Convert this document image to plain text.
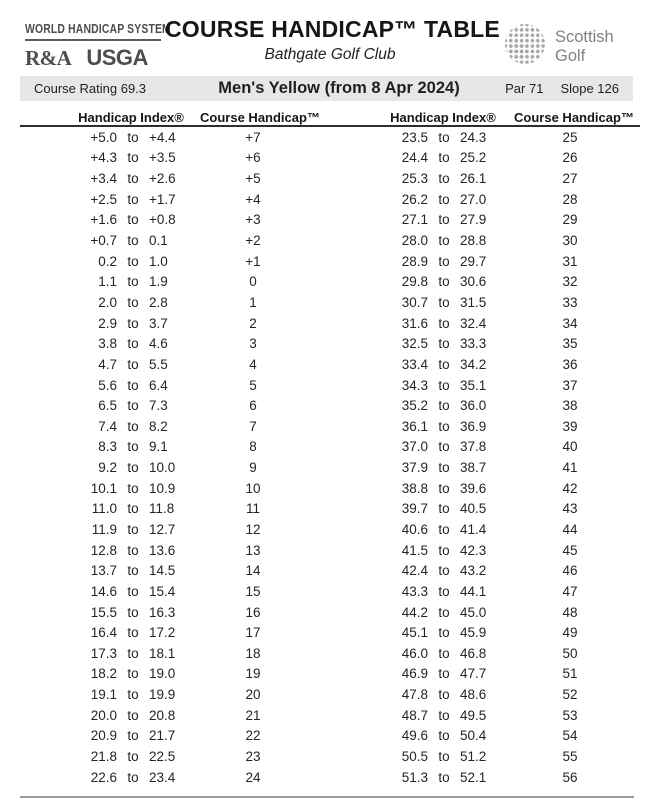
WORLD HANDICAP SYSTEM
R&A USGA
COURSE HANDICAP™ TABLE
Bathgate Golf Club
Scottish
Golf
Course Rating 69.3	Men's Yellow (from 8 Apr 2024)	Par 71 Slope 126
Handicap Index®	Course Handicap™	Handicap Index®	Course Handicap™
+5.0 to +4.4	+7	23.5 to 24.3	25
+4.3 to +3.5	+6	24.4 to 25.2	26
+3.4 to +2.6	+5	25.3 to 26.1	27
+2.5 to +1.7	+4	26.2 to 27.0	28
+1.6 to +0.8	+3	27.1 to 27.9	29
+0.7 to 0.1	+2	28.0 to 28.8	30
0.2 to 1.0	+1	28.9 to 29.7	31
1.1 to 1.9	0	29.8 to 30.6	32
2.0 to 2.8	1	30.7 to 31.5	33
2.9 to 3.7	2	31.6 to 32.4	34
3.8 to 4.6	3	32.5 to 33.3	35
4.7 to 5.5	4	33.4 to 34.2	36
5.6 to 6.4	5	34.3 to 35.1	37
6.5 to 7.3	6	35.2 to 36.0	38
7.4 to 8.2	7	36.1 to 36.9	39
8.3 to 9.1	8	37.0 to 37.8	40
9.2 to 10.0	9	37.9 to 38.7	41
10.1 to 10.9	10	38.8 to 39.6	42
11.0 to 11.8	11	39.7 to 40.5	43
11.9 to 12.7	12	40.6 to 41.4	44
12.8 to 13.6	13	41.5 to 42.3	45
13.7 to 14.5	14	42.4 to 43.2	46
14.6 to 15.4	15	43.3 to 44.1	47
15.5 to 16.3	16	44.2 to 45.0	48
16.4 to 17.2	17	45.1 to 45.9	49
17.3 to 18.1	18	46.0 to 46.8	50
18.2 to 19.0	19	46.9 to 47.7	51
19.1 to 19.9	20	47.8 to 48.6	52
20.0 to 20.8	21	48.7 to 49.5	53
20.9 to 21.7	22	49.6 to 50.4	54
21.8 to 22.5	23	50.5 to 51.2	55
22.6 to 23.4	24	51.3 to 52.1	56
